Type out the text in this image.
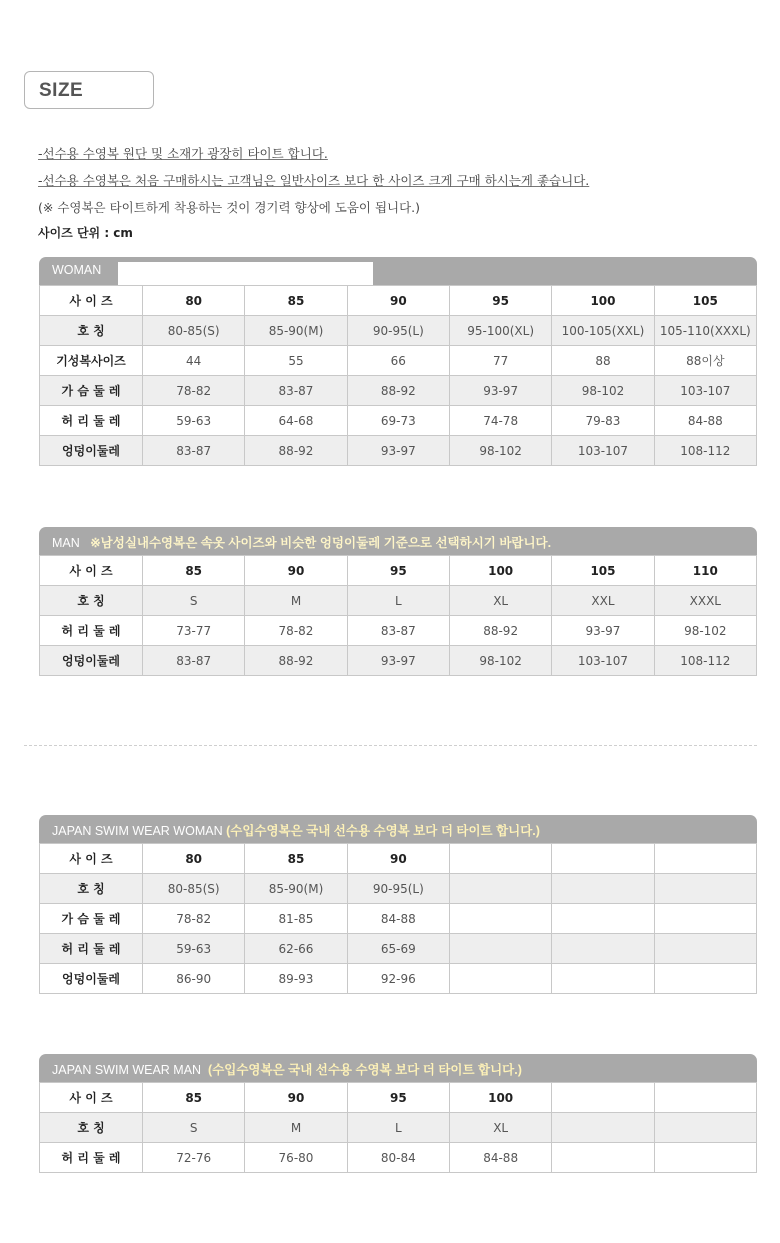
SIZE
-선수용 수영복 원단 및 소재가 광장히 타이트 합니다.
-선수용 수영복은 처음 구매하시는 고객님은 일반사이즈 보다 한 사이즈 크게 구매 하시는게 좋습니다.
(※ 수영복은 타이트하게 착용하는 것이 경기력 향상에 도움이 됩니다.)
사이즈 단위 : cm
WOMAN
사 이 즈	80	85	90	95	100	105
호 칭	80-85(S)	85-90(M)	90-95(L)	95-100(XL)	100-105(XXL)	105-110(XXXL)
기성복사이즈	44	55	66	77	88	88이상
가 슴 둘 레	78-82	83-87	88-92	93-97	98-102	103-107
허 리 둘 레	59-63	64-68	69-73	74-78	79-83	84-88
엉덩이둘레	83-87	88-92	93-97	98-102	103-107	108-112
MAN ※남성실내수영복은 속옷 사이즈와 비슷한 엉덩이둘레 기준으로 선택하시기 바랍니다.
사 이 즈	85	90	95	100	105	110
호 칭	S	M	L	XL	XXL	XXXL
허 리 둘 레	73-77	78-82	83-87	88-92	93-97	98-102
엉덩이둘레	83-87	88-92	93-97	98-102	103-107	108-112
JAPAN SWIM WEAR WOMAN (수입수영복은 국내 선수용 수영복 보다 더 타이트 합니다.)
사 이 즈	80	85	90			
호 칭	80-85(S)	85-90(M)	90-95(L)			
가 슴 둘 레	78-82	81-85	84-88			
허 리 둘 레	59-63	62-66	65-69			
엉덩이둘레	86-90	89-93	92-96			
JAPAN SWIM WEAR MAN (수입수영복은 국내 선수용 수영복 보다 더 타이트 합니다.)
사 이 즈	85	90	95	100		
호 칭	S	M	L	XL		
허 리 둘 레	72-76	76-80	80-84	84-88		
